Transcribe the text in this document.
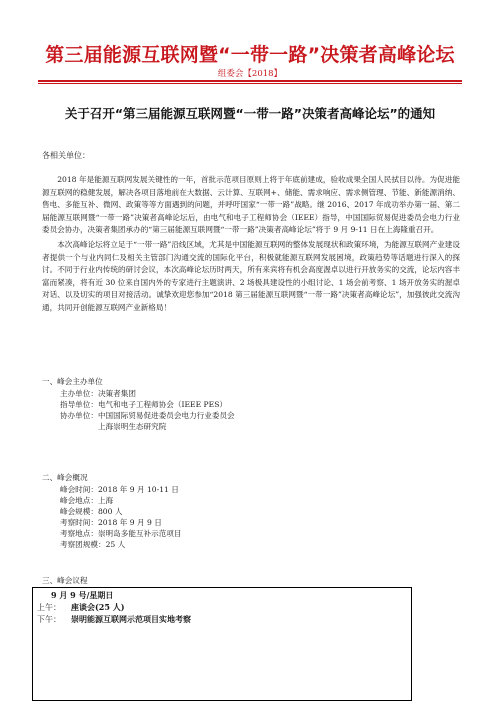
第三届能源互联网暨“一带一路”决策者高峰论坛
组委会【2018】
关于召开“第三届能源互联网暨“一带一路”决策者高峰论坛”的通知
各相关单位：

2018 年是能源互联网发展关键性的一年，首批示范项目原则上将于年底前建成，验收成果全国人民拭目以待。为促进能源互联网的稳健发展，解决各项目落地前在大数据、云计算、互联网+、储能、需求响应、需求侧管理、节能、新能源消纳、售电、多能互补、微网、政策等等方面遇到的问题，并呼吁国家“一带一路”战略。继 2016、2017 年成功举办第一届、第二届能源互联网暨“一带一路”决策者高峰论坛后，由电气和电子工程师协会（IEEE）指导，中国国际贸易促进委员会电力行业委员会协办，决策者集团承办的“第三届能源互联网暨“一带一路”决策者高峰论坛”将于 9 月 9-11 日在上海隆重召开。

本次高峰论坛将立足于“一带一路”沿线区域，尤其是中国能源互联网的整体发展现状和政策环境，为能源互联网产业建设者提供一个与业内同仁及相关主管部门沟通交流的国际化平台，积极就能源互联网发展困境，政策趋势等话题进行深入的探讨。不同于行业内传统的研讨会议，本次高峰论坛历时两天，所有来宾将有机会高度渥卓以进行开放务实的交流，论坛内容丰富而紧凑，将有近 30 位来自国内外的专家进行主题演讲、2 场极具建设性的小组讨论、1 场会前考察、1 场开放务实的渥卓对话、以及切实的项目对接活动。诚挚欢迎您参加“2018 第三届能源互联网暨“一带一路”决策者高峰论坛”，加强彼此交流沟通，共同开创能源互联网产业新格局！

一、峰会主办单位
主办单位： 决策者集团
指导单位： 电气和电子工程师协会（IEEE PES）
协办单位： 中国国际贸易促进委员会电力行业委员会
上海崇明生态研究院
二、峰会概况
峰会时间： 2018 年 9 月 10-11 日
峰会地点： 上海
峰会规模： 800 人
考察时间： 2018 年 9 月 9 日
考察地点： 崇明岛多能互补示范项目
考察团规模： 25 人
三、峰会议程
9 月 9 号/星期日
上午：	座谈会(25 人)
下午：	崇明能源互联网示范项目实地考察
